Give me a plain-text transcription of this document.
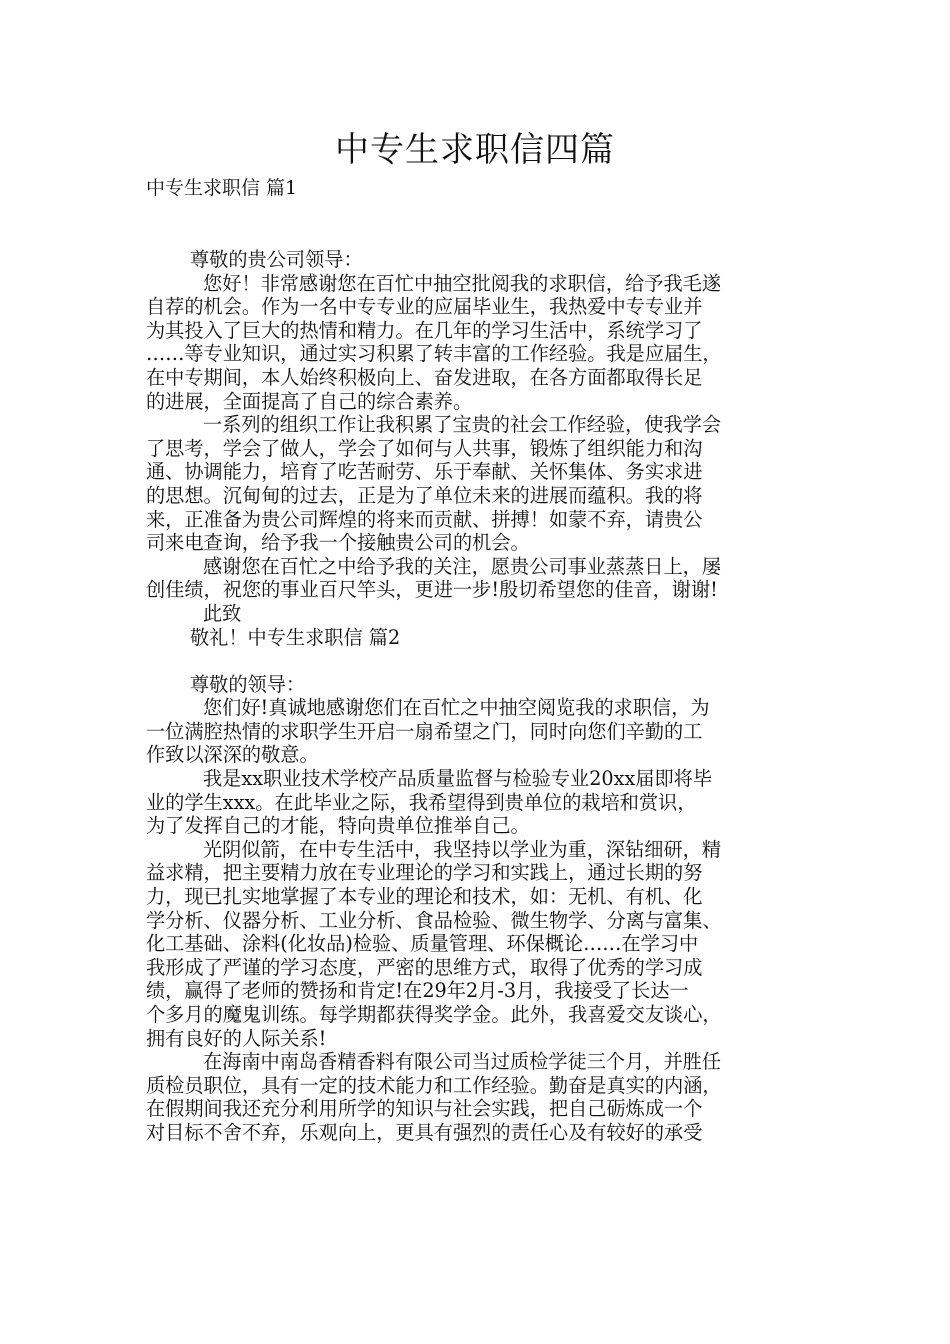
中专生求职信四篇

中专生求职信 篇1

尊敬的贵公司领导：
您好！非常感谢您在百忙中抽空批阅我的求职信，给予我毛遂
自荐的机会。作为一名中专专业的应届毕业生，我热爱中专专业并
为其投入了巨大的热情和精力。在几年的学习生活中，系统学习了
……等专业知识，通过实习积累了转丰富的工作经验。我是应届生，
在中专期间，本人始终积极向上、奋发进取，在各方面都取得长足
的进展，全面提高了自己的综合素养。
一系列的组织工作让我积累了宝贵的社会工作经验，使我学会
了思考，学会了做人，学会了如何与人共事，锻炼了组织能力和沟
通、协调能力，培育了吃苦耐劳、乐于奉献、关怀集体、务实求进
的思想。沉甸甸的过去，正是为了单位未来的进展而蕴积。我的将
来，正准备为贵公司辉煌的将来而贡献、拼搏！如蒙不弃，请贵公
司来电查询，给予我一个接触贵公司的机会。
感谢您在百忙之中给予我的关注，愿贵公司事业蒸蒸日上，屡
创佳绩，祝您的事业百尺竿头，更进一步!殷切希望您的佳音，谢谢!
此致
敬礼！中专生求职信 篇2
尊敬的领导：
您们好!真诚地感谢您们在百忙之中抽空阅览我的求职信，为
一位满腔热情的求职学生开启一扇希望之门，同时向您们辛勤的工
作致以深深的敬意。
我是xx职业技术学校产品质量监督与检验专业20xx届即将毕
业的学生xxx。在此毕业之际，我希望得到贵单位的栽培和赏识，
为了发挥自己的才能，特向贵单位推举自己。
光阴似箭，在中专生活中，我坚持以学业为重，深钻细研，精
益求精，把主要精力放在专业理论的学习和实践上，通过长期的努
力，现已扎实地掌握了本专业的理论和技术，如：无机、有机、化
学分析、仪器分析、工业分析、食品检验、微生物学、分离与富集、
化工基础、涂料(化妆品)检验、质量管理、环保概论……在学习中
我形成了严谨的学习态度，严密的思维方式，取得了优秀的学习成
绩，赢得了老师的赞扬和肯定!在29年2月-3月，我接受了长达一
个多月的魔鬼训练。每学期都获得奖学金。此外，我喜爱交友谈心，
拥有良好的人际关系!
在海南中南岛香精香料有限公司当过质检学徒三个月，并胜任
质检员职位，具有一定的技术能力和工作经验。勤奋是真实的内涵，
在假期间我还充分利用所学的知识与社会实践，把自己砺炼成一个
对目标不舍不弃，乐观向上，更具有强烈的责任心及有较好的承受
